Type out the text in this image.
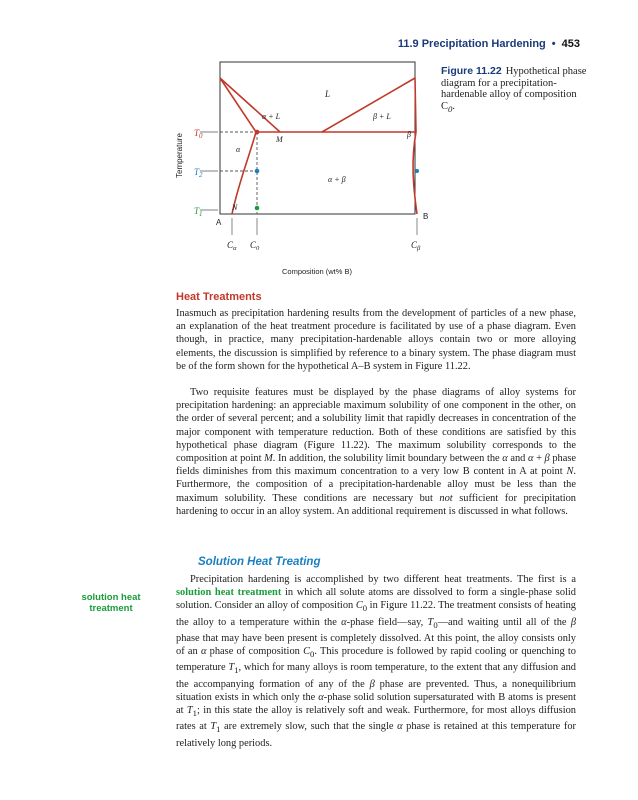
11.9 Precipitation Hardening • 453
L
α + L	β + L
α
β
α + β
M
N
$T_0$
$T_2$
$T_1$
A
B
$C_\alpha$ $C_0$	$C_\beta$
Temperature
Composition (wt% B)
Figure 11.22 Hypothetical phase diagram for a precipitation-hardenable alloy of composition $C_0$.
Heat Treatments

Inasmuch as precipitation hardening results from the development of particles of a new phase, an explanation of the heat treatment procedure is facilitated by use of a phase diagram. Even though, in practice, many precipitation-hardenable alloys contain two or more alloying elements, the discussion is simplified by reference to a binary system. The phase diagram must be of the form shown for the hypothetical A–B system in Figure 11.22.

Two requisite features must be displayed by the phase diagrams of alloy systems for precipitation hardening: an appreciable maximum solubility of one component in the other, on the order of several percent; and a solubility limit that rapidly decreases in concentration of the major component with temperature reduction. Both of these conditions are satisfied by this hypothetical phase diagram (Figure 11.22). The maximum solubility corresponds to the composition at point M. In addition, the solubility limit boundary between the α and α + β phase fields diminishes from this maximum concentration to a very low B content in A at point N. Furthermore, the composition of a precipitation-hardenable alloy must be less than the maximum solubility. These conditions are necessary but not sufficient for precipitation hardening to occur in an alloy system. An additional requirement is discussed in what follows.

Solution Heat Treating
solution heat treatment

Precipitation hardening is accomplished by two different heat treatments. The first is a solution heat treatment in which all solute atoms are dissolved to form a single-phase solid solution. Consider an alloy of composition $C_0$ in Figure 11.22. The treatment consists of heating the alloy to a temperature within the α-phase field—say, $T_0—and$ waiting until all of the β phase that may have been present is completely dissolved. At this point, the alloy consists only of an α phase of composition $C_0$. This procedure is followed by rapid cooling or quenching to temperature $T_1$, which for many alloys is room temperature, to the extent that any diffusion and the accompanying formation of any of the β phase are prevented. Thus, a nonequilibrium situation exists in which only the α-phase solid solution supersaturated with B atoms is present at $T_1$; in this state the alloy is relatively soft and weak. Furthermore, for most alloys diffusion rates at $T_1$ are extremely slow, such that the single α phase is retained at this temperature for relatively long periods.
